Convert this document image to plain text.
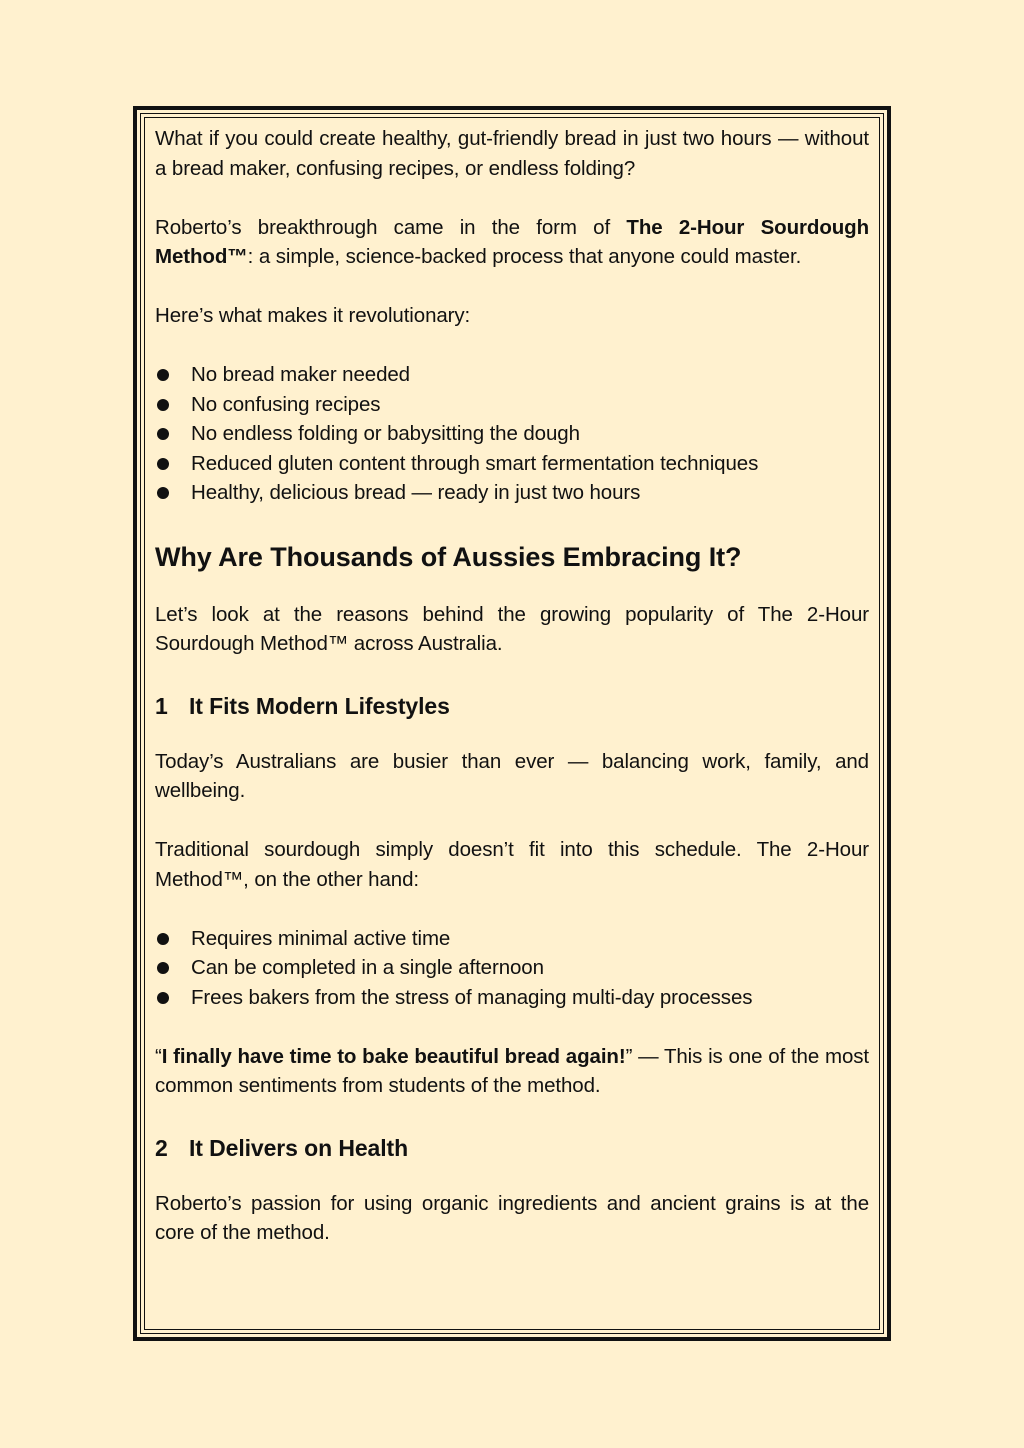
What if you could create healthy, gut-friendly bread in just two hours — without a bread maker, confusing recipes, or endless folding?

Roberto’s breakthrough came in the form of The 2-Hour Sourdough Method™: a simple, science-backed process that anyone could master.

Here’s what makes it revolutionary:

No bread maker needed
No confusing recipes
No endless folding or babysitting the dough
Reduced gluten content through smart fermentation techniques
Healthy, delicious bread — ready in just two hours
Why Are Thousands of Aussies Embracing It?

Let’s look at the reasons behind the growing popularity of The 2-Hour Sourdough Method™ across Australia.

1 It Fits Modern Lifestyles

Today’s Australians are busier than ever — balancing work, family, and wellbeing.

Traditional sourdough simply doesn’t fit into this schedule. The 2-Hour Method™, on the other hand:

Requires minimal active time
Can be completed in a single afternoon
Frees bakers from the stress of managing multi-day processes

“I finally have time to bake beautiful bread again!” — This is one of the most common sentiments from students of the method.

2 It Delivers on Health

Roberto’s passion for using organic ingredients and ancient grains is at the core of the method.
